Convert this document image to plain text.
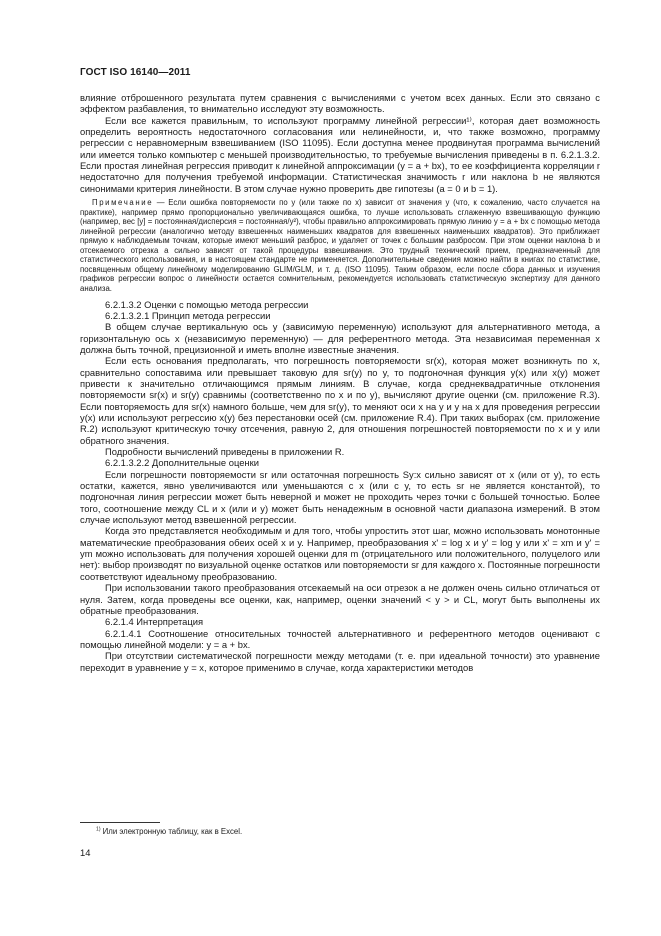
ГОСТ ISO 16140—2011

влияние отброшенного результата путем сравнения с вычислениями с учетом всех данных. Если это связано с эффектом разбавления, то внимательно исследуют эту возможность.

Если все кажется правильным, то используют программу линейной регрессии¹⁾, которая дает возможность определить вероятность недостаточного согласования или нелинейности, и, что также возможно, программу регрессии с неравномерным взвешиванием (ISO 11095). Если доступна менее продвинутая программа вычислений или имеется только компьютер с меньшей производительностью, то требуемые вычисления приведены в п. 6.2.1.3.2. Если простая линейная регрессия приводит к линейной аппроксимации (y = a + bx), то ее коэффициента корреляции r недостаточно для получения требуемой информации. Статистическая значимость r или наклона b не являются синонимами критерия линейности. В этом случае нужно проверить две гипотезы (a = 0 и b = 1).

Примечание — Если ошибка повторяемости по y (или также по x) зависит от значения y (что, к сожалению, часто случается на практике), например прямо пропорционально увеличивающаяся ошибка, то лучше использовать сглаженную взвешивающую функцию (например, вес [y] = постоянная/дисперсия = постоянная/y²), чтобы правильно аппроксимировать прямую линию y = a + bx с помощью метода линейной регрессии (аналогично методу взвешенных наименьших квадратов для взвешенных наименьших квадратов). Это приближает прямую к наблюдаемым точкам, которые имеют меньший разброс, и удаляет от точек с большим разбросом. При этом оценки наклона b и отсекаемого отрезка a сильно зависят от такой процедуры взвешивания. Это трудный технический прием, предназначенный для статистического использования, и в настоящем стандарте не применяется. Дополнительные сведения можно найти в книгах по статистике, посвященным общему линейному моделированию GLIM/GLM, и т. д. (ISO 11095). Таким образом, если после сбора данных и изучения графиков регрессии вопрос о линейности остается сомнительным, рекомендуется использовать статистическую экспертизу для данного анализа.

6.2.1.3.2 Оценки с помощью метода регрессии

6.2.1.3.2.1 Принцип метода регрессии

В общем случае вертикальную ось y (зависимую переменную) используют для альтернативного метода, а горизонтальную ось x (независимую переменную) — для референтного метода. Эта независимая переменная x должна быть точной, прецизионной и иметь вполне известные значения.

Если есть основания предполагать, что погрешность повторяемости sr(x), которая может возникнуть по x, сравнительно сопоставима или превышает таковую для sr(y) по y, то подгоночная функция y(x) или x(y) может привести к значительно отличающимся прямым линиям. В случае, когда среднеквадратичные отклонения повторяемости sr(x) и sr(y) сравнимы (соответственно по x и по y), вычисляют другие оценки (см. приложение R.3). Если повторяемость для sr(x) намного больше, чем для sr(y), то меняют оси x на y и y на x для проведения регрессии y(x) или используют регрессию x(y) без перестановки осей (см. приложение R.4). При таких выборах (см. приложение R.2) используют критическую точку отсечения, равную 2, для отношения погрешностей повторяемости по x и y или обратного значения.

Подробности вычислений приведены в приложении R.

6.2.1.3.2.2 Дополнительные оценки

Если погрешности повторяемости sr или остаточная погрешность Sy:x сильно зависят от x (или от y), то есть остатки, кажется, явно увеличиваются или уменьшаются с x (или с y, то есть sr не является константой), то подгоночная линия регрессии может быть неверной и может не проходить через точки с большей точностью. Более того, соотношение между CL и x (или и y) может быть ненадежным в основной части диапазона измерений. В этом случае используют метод взвешенной регрессии.

Когда это представляется необходимым и для того, чтобы упростить этот шаг, можно использовать монотонные математические преобразования обеих осей x и y. Например, преобразования x' = log x и y' = log y или x' = xm и y' = ym можно использовать для получения хорошей оценки для m (отрицательного или положительного, полуцелого или нет): выбор производят по визуальной оценке остатков или повторяемости sr для каждого x. Постоянные погрешности соответствуют идеальному преобразованию.

При использовании такого преобразования отсекаемый на оси отрезок a не должен очень сильно отличаться от нуля. Затем, когда проведены все оценки, как, например, оценки значений < y > и CL, могут быть выполнены их обратные преобразования.

6.2.1.4 Интерпретация

6.2.1.4.1 Соотношение относительных точностей альтернативного и референтного методов оценивают с помощью линейной модели: y = a + bx.

При отсутствии систематической погрешности между методами (т. е. при идеальной точности) это уравнение переходит в уравнение y = x, которое применимо в случае, когда характеристики методов

$^{1)}$ Или электронную таблицу, как в Excel.
14
